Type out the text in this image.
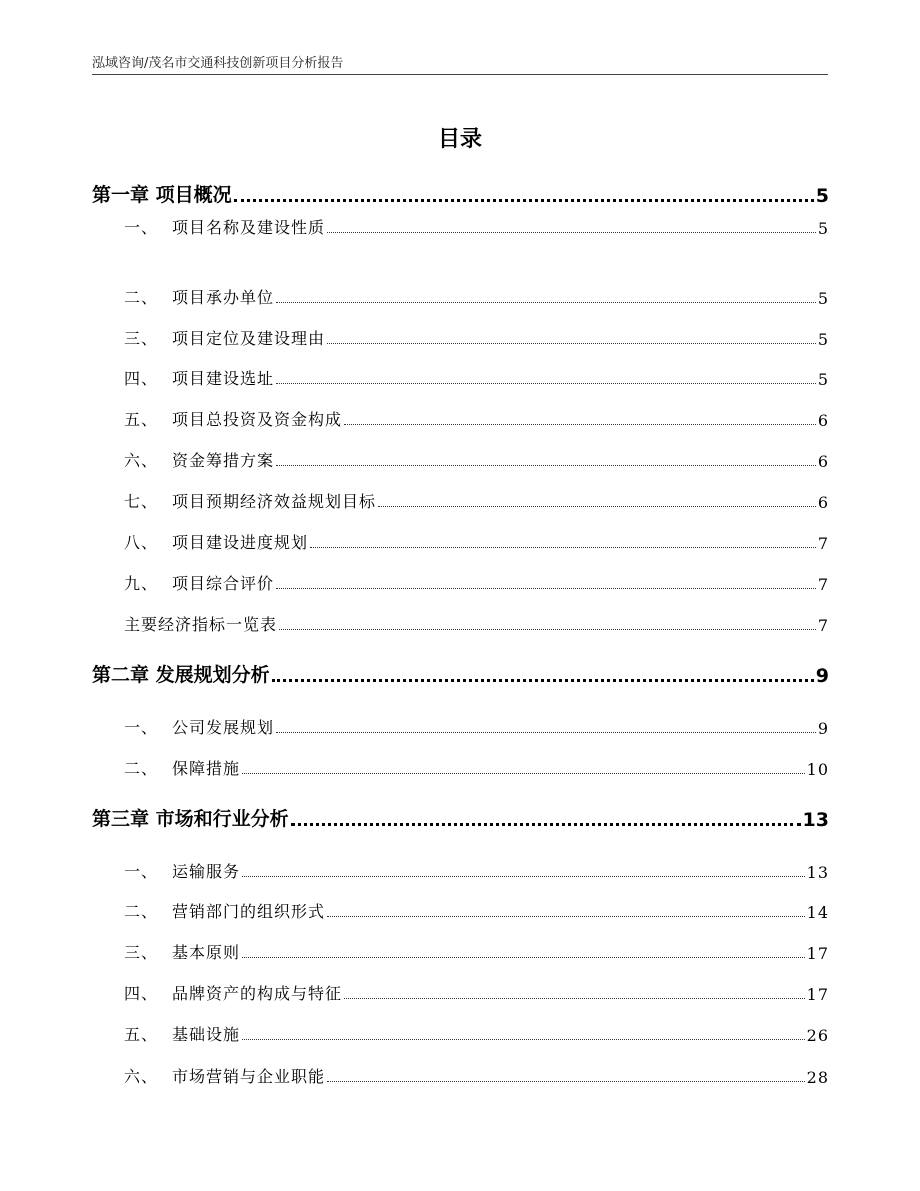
泓域咨询/茂名市交通科技创新项目分析报告
目录
第一章 项目概况	5
一、 项目名称及建设性质	5
二、 项目承办单位	5
三、 项目定位及建设理由	5
四、 项目建设选址	5
五、 项目总投资及资金构成	6
六、 资金筹措方案	6
七、 项目预期经济效益规划目标	6
八、 项目建设进度规划	7
九、 项目综合评价	7
主要经济指标一览表	7
第二章 发展规划分析	9
一、 公司发展规划	9
二、 保障措施	10
第三章 市场和行业分析	13
一、 运输服务	13
二、 营销部门的组织形式	14
三、 基本原则	17
四、 品牌资产的构成与特征	17
五、 基础设施	26
六、 市场营销与企业职能	28
